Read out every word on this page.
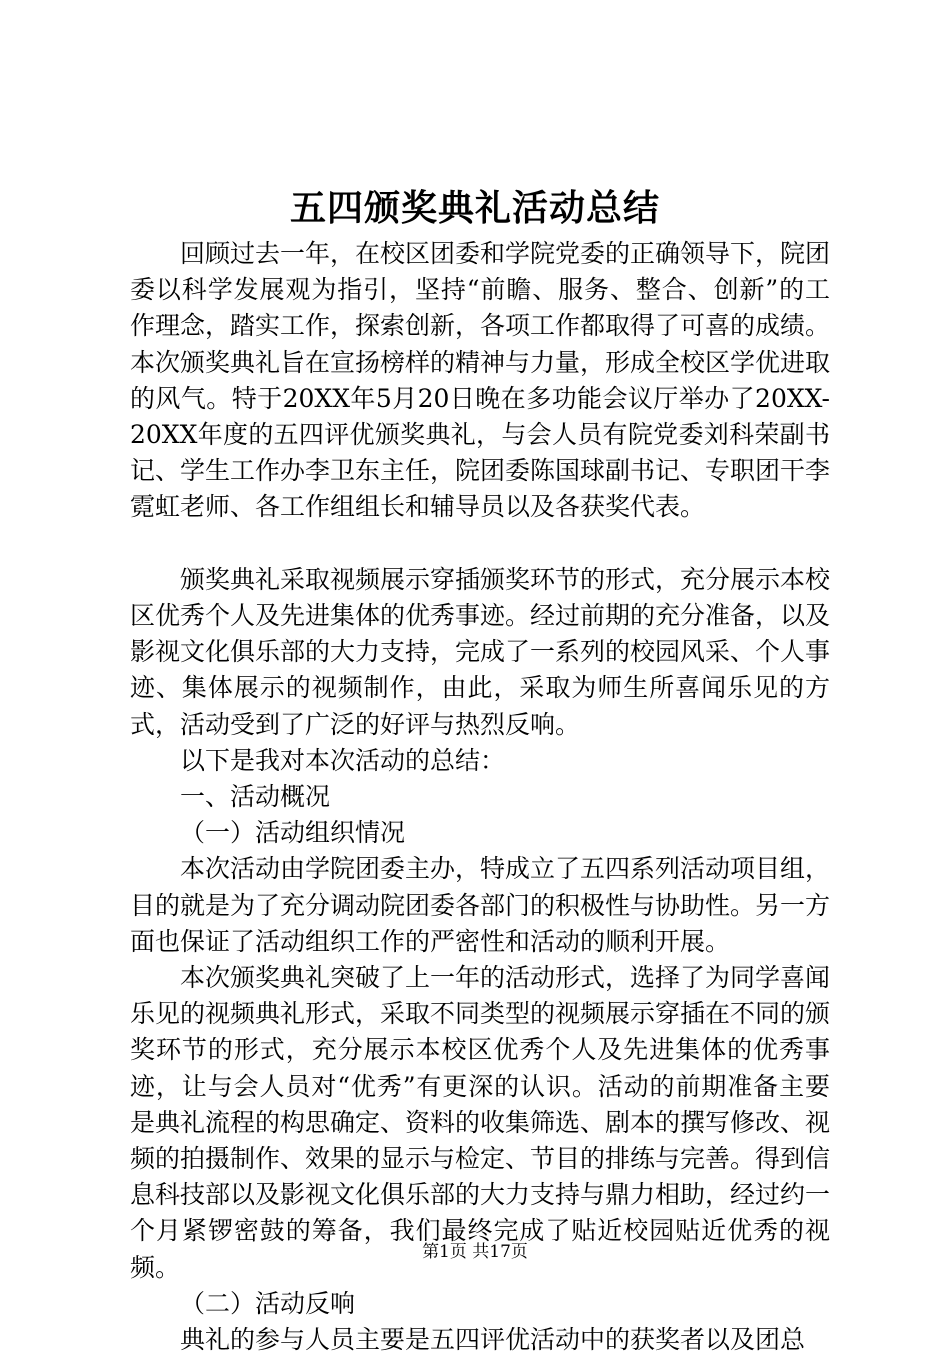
五四颁奖典礼活动总结

回顾过去一年，在校区团委和学院党委的正确领导下，院团委以科学发展观为指引，坚持“前瞻、服务、整合、创新”的工作理念，踏实工作，探索创新，各项工作都取得了可喜的成绩。本次颁奖典礼旨在宣扬榜样的精神与力量，形成全校区学优进取的风气。特于20XX年5月20日晚在多功能会议厅举办了20XX-20XX年度的五四评优颁奖典礼，与会人员有院党委刘科荣副书记、学生工作办李卫东主任，院团委陈国球副书记、专职团干李霓虹老师、各工作组组长和辅导员以及各获奖代表。

颁奖典礼采取视频展示穿插颁奖环节的形式，充分展示本校区优秀个人及先进集体的优秀事迹。经过前期的充分准备，以及影视文化俱乐部的大力支持，完成了一系列的校园风采、个人事迹、集体展示的视频制作，由此，采取为师生所喜闻乐见的方式，活动受到了广泛的好评与热烈反响。

以下是我对本次活动的总结：

一、活动概况

（一）活动组织情况

本次活动由学院团委主办，特成立了五四系列活动项目组，目的就是为了充分调动院团委各部门的积极性与协助性。另一方面也保证了活动组织工作的严密性和活动的顺利开展。

本次颁奖典礼突破了上一年的活动形式，选择了为同学喜闻乐见的视频典礼形式，采取不同类型的视频展示穿插在不同的颁奖环节的形式，充分展示本校区优秀个人及先进集体的优秀事迹，让与会人员对“优秀”有更深的认识。活动的前期准备主要是典礼流程的构思确定、资料的收集筛选、剧本的撰写修改、视频的拍摄制作、效果的显示与检定、节目的排练与完善。得到信息科技部以及影视文化俱乐部的大力支持与鼎力相助，经过约一个月紧锣密鼓的筹备，我们最终完成了贴近校园贴近优秀的视频。

（二）活动反响

典礼的参与人员主要是五四评优活动中的获奖者以及团总

第1页 共17页
